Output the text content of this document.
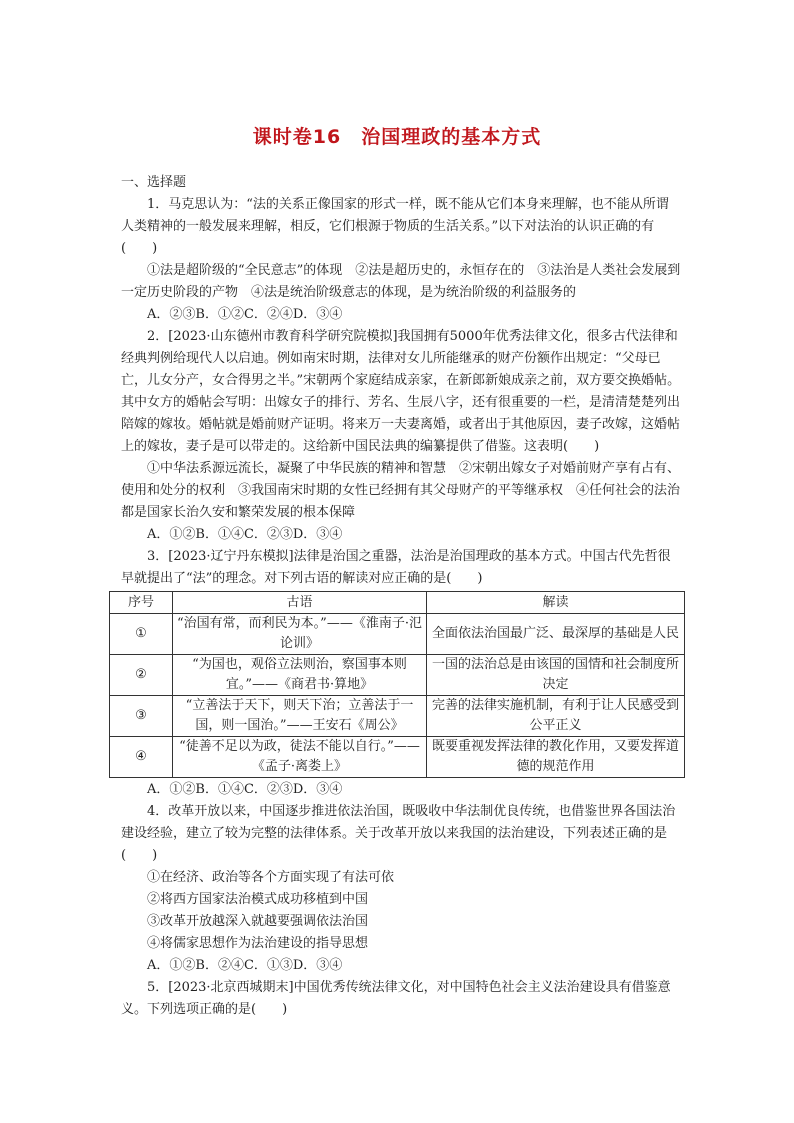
课时卷16　治国理政的基本方式

一、选择题

1．马克思认为：“法的关系正像国家的形式一样，既不能从它们本身来理解，也不能从所谓人类精神的一般发展来理解，相反，它们根源于物质的生活关系。”以下对法治的认识正确的有(　　)

①法是超阶级的“全民意志”的体现　②法是超历史的，永恒存在的　③法治是人类社会发展到一定历史阶段的产物　④法是统治阶级意志的体现，是为统治阶级的利益服务的

A．②③B．①②C．②④D．③④

2．[2023·山东德州市教育科学研究院模拟]我国拥有5000年优秀法律文化，很多古代法律和经典判例给现代人以启迪。例如南宋时期，法律对女儿所能继承的财产份额作出规定：“父母已亡，儿女分产，女合得男之半。”宋朝两个家庭结成亲家，在新郎新娘成亲之前，双方要交换婚帖。其中女方的婚帖会写明：出嫁女子的排行、芳名、生辰八字，还有很重要的一栏，是清清楚楚列出陪嫁的嫁妆。婚帖就是婚前财产证明。将来万一夫妻离婚，或者出于其他原因，妻子改嫁，这婚帖上的嫁妆，妻子是可以带走的。这给新中国民法典的编纂提供了借鉴。这表明(　　)

①中华法系源远流长，凝聚了中华民族的精神和智慧　②宋朝出嫁女子对婚前财产享有占有、使用和处分的权利　③我国南宋时期的女性已经拥有其父母财产的平等继承权　④任何社会的法治都是国家长治久安和繁荣发展的根本保障

A．①②B．①④C．②③D．③④

3．[2023·辽宁丹东模拟]法律是治国之重器，法治是治国理政的基本方式。中国古代先哲很早就提出了“法”的理念。对下列古语的解读对应正确的是(　　)

序号	古语	解读
①	“治国有常，而利民为本。”——《淮南子·氾论训》	全面依法治国最广泛、最深厚的基础是人民
②	“为国也，观俗立法则治，察国事本则宜。”——《商君书·算地》	一国的法治总是由该国的国情和社会制度所决定
③	“立善法于天下，则天下治；立善法于一国，则一国治。”——王安石《周公》	完善的法律实施机制，有利于让人民感受到公平正义
④	“徒善不足以为政，徒法不能以自行。”——《孟子·离娄上》	既要重视发挥法律的教化作用，又要发挥道德的规范作用

A．①②B．①④C．②③D．③④

4．改革开放以来，中国逐步推进依法治国，既吸收中华法制优良传统，也借鉴世界各国法治建设经验，建立了较为完整的法律体系。关于改革开放以来我国的法治建设，下列表述正确的是(　　)

①在经济、政治等各个方面实现了有法可依

②将西方国家法治模式成功移植到中国

③改革开放越深入就越要强调依法治国

④将儒家思想作为法治建设的指导思想

A．①②B．②④C．①③D．③④

5．[2023·北京西城期末]中国优秀传统法律文化，对中国特色社会主义法治建设具有借鉴意义。下列选项正确的是(　　)
